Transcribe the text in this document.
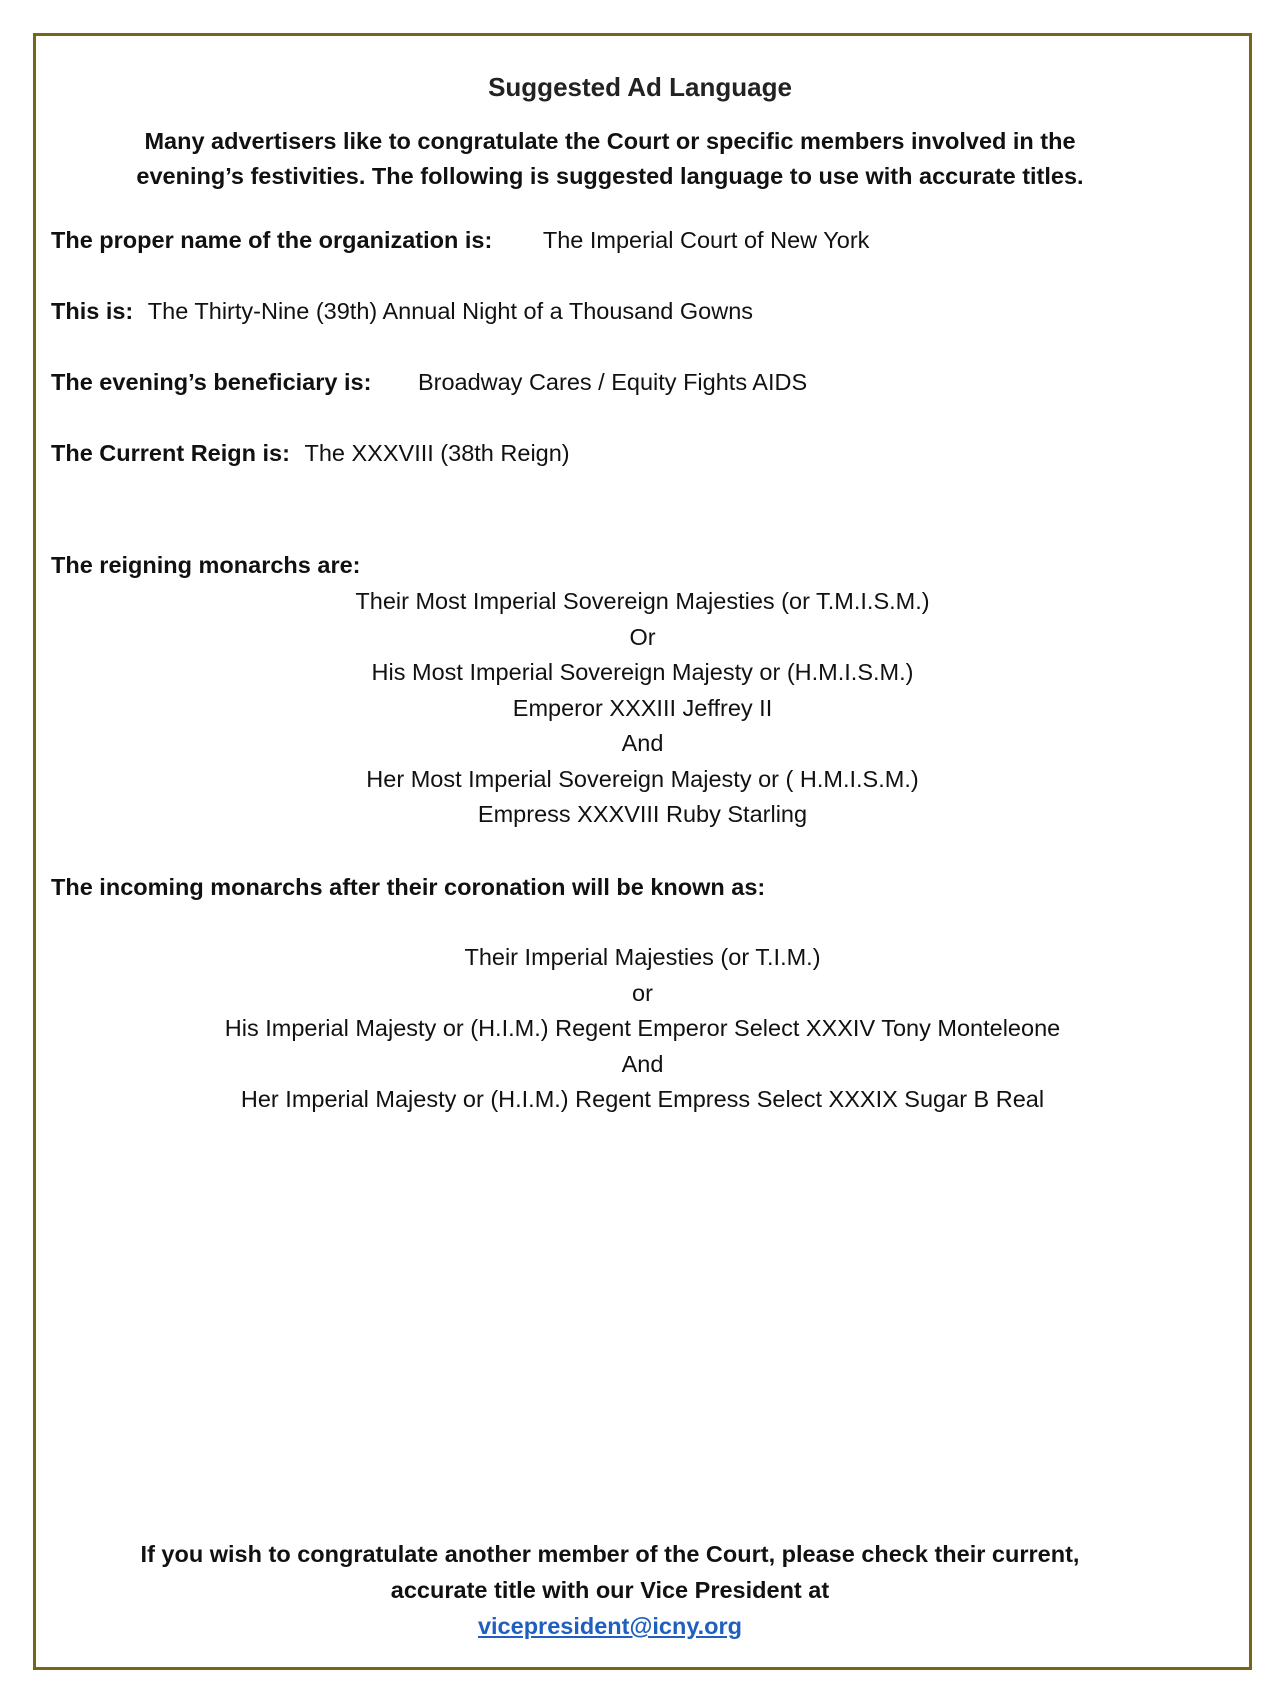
Suggested Ad Language
Many advertisers like to congratulate the Court or specific members involved in the
evening’s festivities. The following is suggested language to use with accurate titles.
The proper name of the organization is: The Imperial Court of New York
This is: The Thirty-Nine (39th) Annual Night of a Thousand Gowns
The evening’s beneficiary is: Broadway Cares / Equity Fights AIDS
The Current Reign is: The XXXVIII (38th Reign)
The reigning monarchs are:
Their Most Imperial Sovereign Majesties (or T.M.I.S.M.)
Or
His Most Imperial Sovereign Majesty or (H.M.I.S.M.)
Emperor XXXIII Jeffrey II
And
Her Most Imperial Sovereign Majesty or ( H.M.I.S.M.)
Empress XXXVIII Ruby Starling
The incoming monarchs after their coronation will be known as:
Their Imperial Majesties (or T.I.M.)
or
His Imperial Majesty or (H.I.M.) Regent Emperor Select XXXIV Tony Monteleone
And
Her Imperial Majesty or (H.I.M.) Regent Empress Select XXXIX Sugar B Real
If you wish to congratulate another member of the Court, please check their current,
accurate title with our Vice President at
vicepresident@icny.org
